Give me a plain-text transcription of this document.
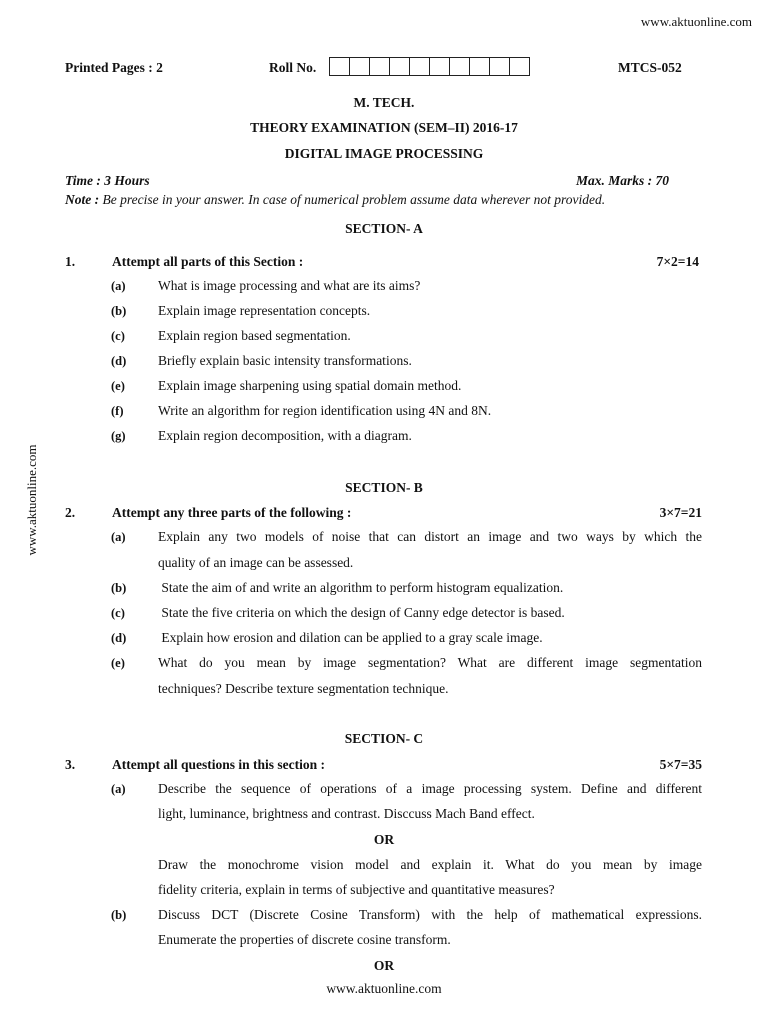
www.aktuonline.com
www.aktuonline.com
Printed Pages : 2	Roll No.	MTCS-052
M. TECH.
THEORY EXAMINATION (SEM–II) 2016-17
DIGITAL IMAGE PROCESSING
Time : 3 Hours	Max. Marks : 70
Note : Be precise in your answer. In case of numerical problem assume data wherever not provided.
SECTION- A
1.	Attempt all parts of this Section :	7×2=14
(a) What is image processing and what are its aims?
(b) Explain image representation concepts.
(c) Explain region based segmentation.
(d) Briefly explain basic intensity transformations.
(e) Explain image sharpening using spatial domain method.
(f)	Write an algorithm for region identification using 4N and 8N.
(g) Explain region decomposition, with a diagram.
SECTION- B
2.	Attempt any three parts of the following :	3×7=21
(a) Explain any two models of noise that can distort an image and two ways by which the
quality of an image can be assessed.
(b) State the aim of and write an algorithm to perform histogram equalization.
(c) State the five criteria on which the design of Canny edge detector is based.
(d) Explain how erosion and dilation can be applied to a gray scale image.
(e) What do you mean by image segmentation? What are different image segmentation
techniques? Describe texture segmentation technique.
SECTION- C
3.	Attempt all questions in this section :	5×7=35
(a) Describe the sequence of operations of a image processing system. Define and different
light, luminance, brightness and contrast. Disccuss Mach Band effect.
OR
Draw the monochrome vision model and explain it. What do you mean by image
fidelity criteria, explain in terms of subjective and quantitative measures?
(b) Discuss DCT (Discrete Cosine Transform) with the help of mathematical expressions.
Enumerate the properties of discrete cosine transform.
OR
www.aktuonline.com
